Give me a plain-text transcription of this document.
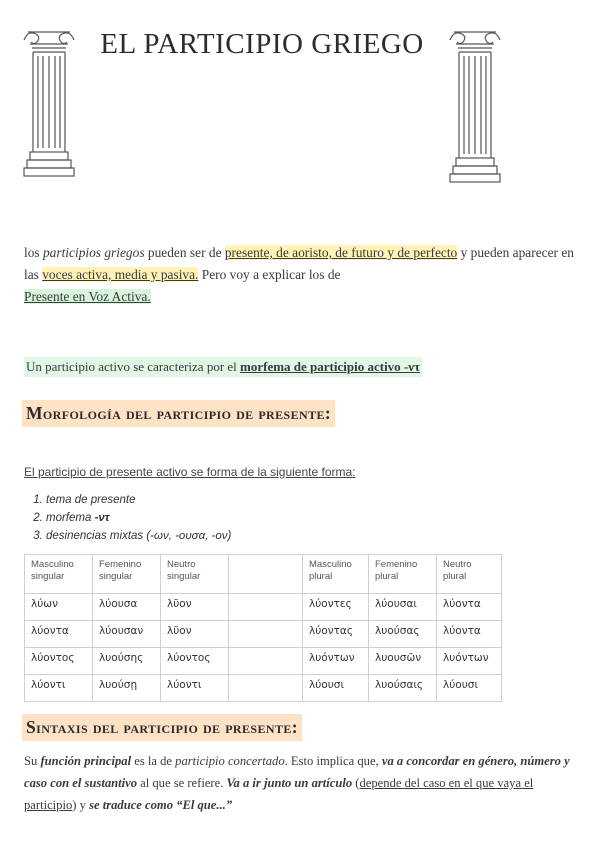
EL PARTICIPIO GRIEGO

los participios griegos pueden ser de presente, de aoristo, de futuro y de perfecto y pueden aparecer en las voces activa, media y pasiva. Pero voy a explicar los de
Presente en Voz Activa.

Un participio activo se caracteriza por el morfema de participio activo -ντ

Morfología del participio de presente:

El participio de presente activo se forma de la siguiente forma:

1. tema de presente
2. morfema -ντ
3. desinencias mixtas (-ων, -ουσα, -ον)
Masculino singular	Femenino singular	Neutro singular		Masculino plural	Femenino plural	Neutro plural
λύων	λύουσα	λῦον		λύοντες	λύουσαι	λύοντα
λύοντα	λύουσαν	λῦον		λύοντας	λυούσας	λύοντα
λύοντος	λυούσης	λύοντος		λυόντων	λυουσῶν	λυόντων
λύοντι	λυούσῃ	λύοντι		λύουσι	λυούσαις	λύουσι
Sintaxis del participio de presente:

Su función principal es la de participio concertado. Esto implica que, va a concordar en género, número y caso con el sustantivo al que se refiere. Va a ir junto un artículo (depende del caso en el que vaya el participio) y se traduce como “El que...”
